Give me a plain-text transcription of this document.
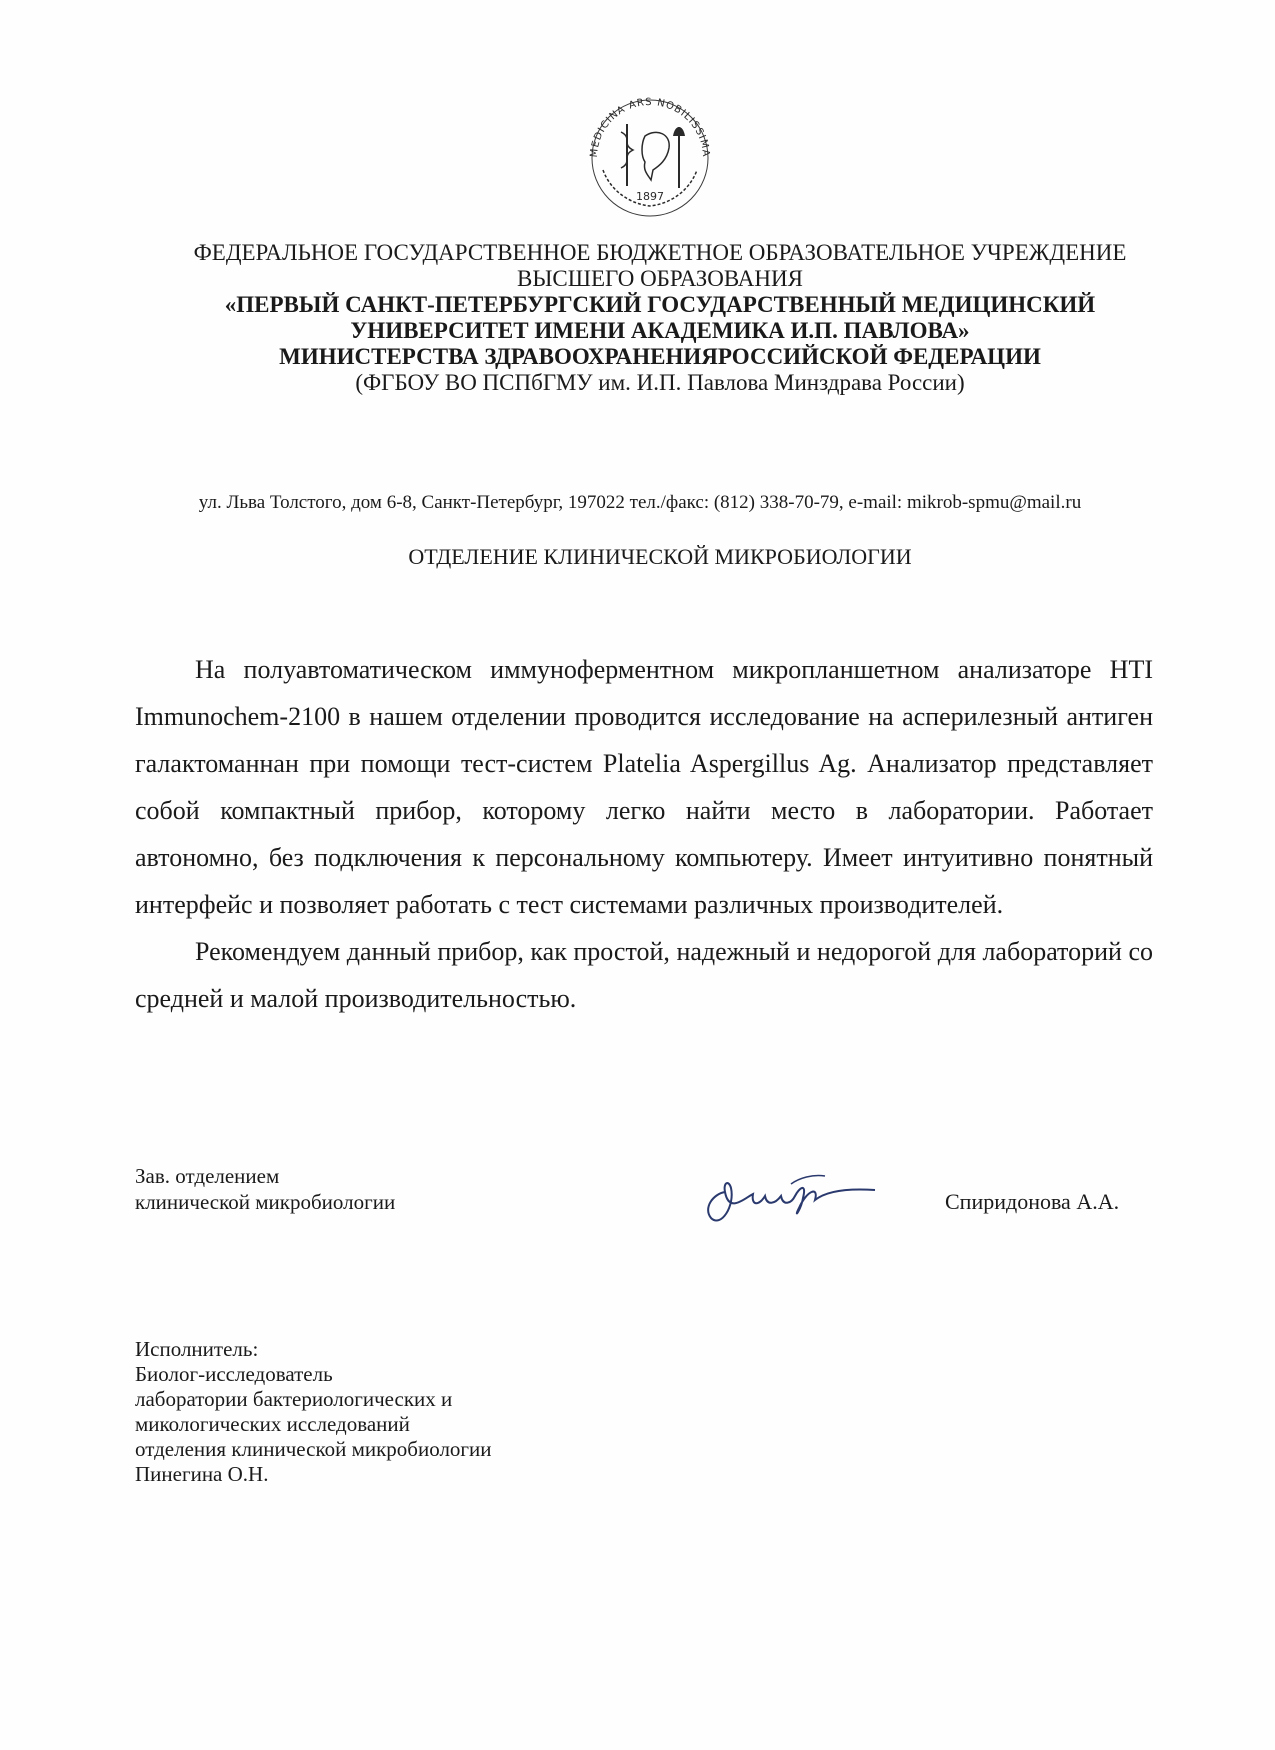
MEDICINA ARS NOBILISSIMA
1897
ФЕДЕРАЛЬНОЕ ГОСУДАРСТВЕННОЕ БЮДЖЕТНОЕ ОБРАЗОВАТЕЛЬНОЕ УЧРЕЖДЕНИЕ
ВЫСШЕГО ОБРАЗОВАНИЯ
«ПЕРВЫЙ САНКТ-ПЕТЕРБУРГСКИЙ ГОСУДАРСТВЕННЫЙ МЕДИЦИНСКИЙ
УНИВЕРСИТЕТ ИМЕНИ АКАДЕМИКА И.П. ПАВЛОВА»
МИНИСТЕРСТВА ЗДРАВООХРАНЕНИЯРОССИЙСКОЙ ФЕДЕРАЦИИ
(ФГБОУ ВО ПСПбГМУ им. И.П. Павлова Минздрава России)
ул. Льва Толстого, дом 6-8, Санкт-Петербург, 197022 тел./факс: (812) 338-70-79, e-mail: mikrob-spmu@mail.ru
ОТДЕЛЕНИЕ КЛИНИЧЕСКОЙ МИКРОБИОЛОГИИ

На полуавтоматическом иммуноферментном микропланшетном анализаторе HTI Immunochem-2100 в нашем отделении проводится исследование на асперилезный антиген галактоманнан при помощи тест-систем Platelia Aspergillus Ag. Анализатор представляет собой компактный прибор, которому легко найти место в лаборатории. Работает автономно, без подключения к персональному компьютеру. Имеет интуитивно понятный интерфейс и позволяет работать с тест системами различных производителей.

Рекомендуем данный прибор, как простой, надежный и недорогой для лабораторий со средней и малой производительностью.

Зав. отделением
клинической микробиологии	Спиридонова А.А.
Исполнитель:
Биолог-исследователь
лаборатории бактериологических и
микологических исследований
отделения клинической микробиологии
Пинегина О.Н.
